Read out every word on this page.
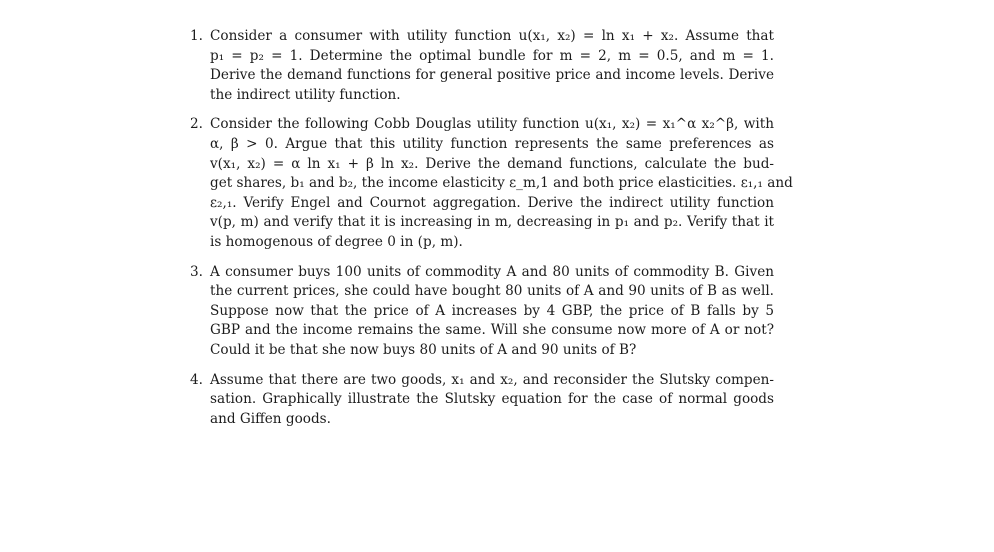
1. Consider a consumer with utility function u(x₁, x₂) = ln x₁ + x₂. Assume that
p₁ = p₂ = 1. Determine the optimal bundle for m = 2, m = 0.5, and m = 1.
Derive the demand functions for general positive price and income levels. Derive
the indirect utility function.
2. Consider the following Cobb Douglas utility function u(x₁, x₂) = x₁^α x₂^β, with
α, β > 0. Argue that this utility function represents the same preferences as
v(x₁, x₂) = α ln x₁ + β ln x₂. Derive the demand functions, calculate the bud-
get shares, b₁ and b₂, the income elasticity ε_m,1 and both price elasticities. ε₁,₁ and
ε₂,₁. Verify Engel and Cournot aggregation. Derive the indirect utility function
v(p, m) and verify that it is increasing in m, decreasing in p₁ and p₂. Verify that it
is homogenous of degree 0 in (p, m).
3. A consumer buys 100 units of commodity A and 80 units of commodity B. Given
the current prices, she could have bought 80 units of A and 90 units of B as well.
Suppose now that the price of A increases by 4 GBP, the price of B falls by 5
GBP and the income remains the same. Will she consume now more of A or not?
Could it be that she now buys 80 units of A and 90 units of B?
4. Assume that there are two goods, x₁ and x₂, and reconsider the Slutsky compen-
sation. Graphically illustrate the Slutsky equation for the case of normal goods
and Giffen goods.
